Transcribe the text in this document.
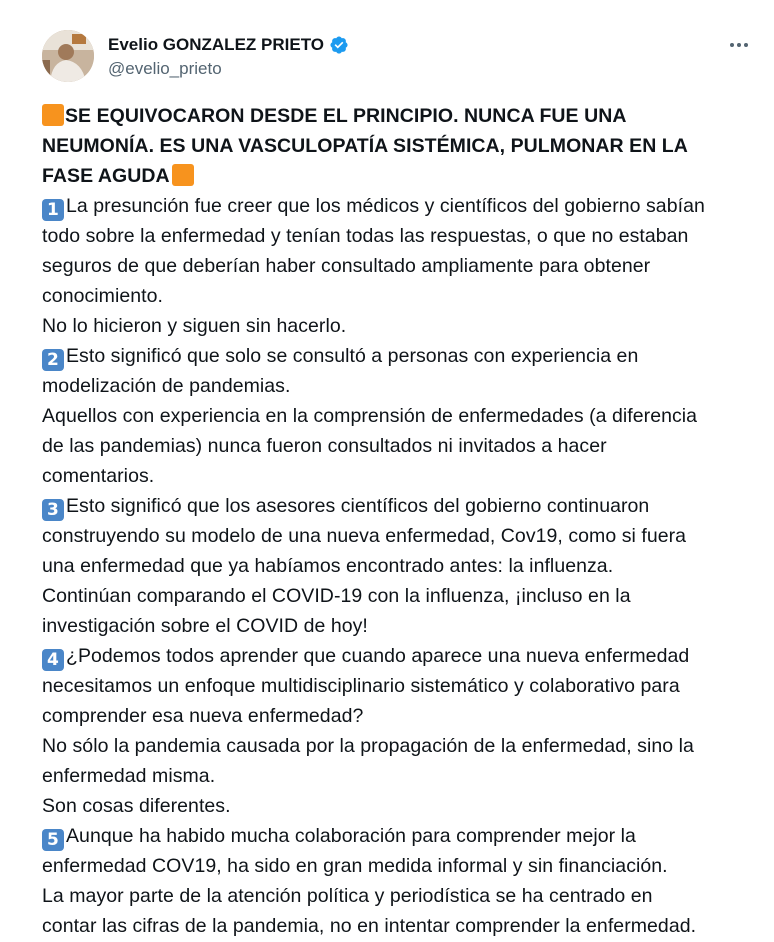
Evelio GONZALEZ PRIETO
@evelio_prieto
SE EQUIVOCARON DESDE EL PRINCIPIO. NUNCA FUE UNA
NEUMONÍA. ES UNA VASCULOPATÍA SISTÉMICA, PULMONAR EN LA
FASE AGUDA
1 La presunción fue creer que los médicos y científicos del gobierno sabían
todo sobre la enfermedad y tenían todas las respuestas, o que no estaban
seguros de que deberían haber consultado ampliamente para obtener
conocimiento.
No lo hicieron y siguen sin hacerlo.
2 Esto significó que solo se consultó a personas con experiencia en
modelización de pandemias.
Aquellos con experiencia en la comprensión de enfermedades (a diferencia
de las pandemias) nunca fueron consultados ni invitados a hacer
comentarios.
3 Esto significó que los asesores científicos del gobierno continuaron
construyendo su modelo de una nueva enfermedad, Cov19, como si fuera
una enfermedad que ya habíamos encontrado antes: la influenza.
Continúan comparando el COVID-19 con la influenza, ¡incluso en la
investigación sobre el COVID de hoy!
4 ¿Podemos todos aprender que cuando aparece una nueva enfermedad
necesitamos un enfoque multidisciplinario sistemático y colaborativo para
comprender esa nueva enfermedad?
No sólo la pandemia causada por la propagación de la enfermedad, sino la
enfermedad misma.
Son cosas diferentes.
5 Aunque ha habido mucha colaboración para comprender mejor la
enfermedad COV19, ha sido en gran medida informal y sin financiación.
La mayor parte de la atención política y periodística se ha centrado en
contar las cifras de la pandemia, no en intentar comprender la enfermedad.
